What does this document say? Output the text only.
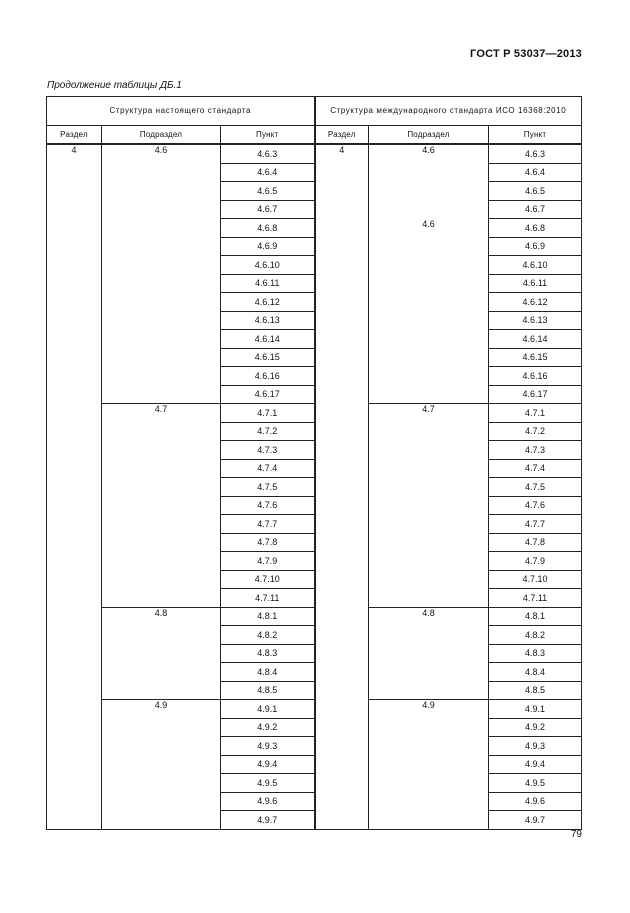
ГОСТ Р 53037—2013
Продолжение таблицы ДБ.1
Структура настоящего стандарта			Структура международного стандарта ИСО 16368:2010		
Раздел	Подраздел	Пункт	Раздел	Подраздел	Пункт
4	4.6	4.6.3	4	4.6	4.6.3
		4.6.4			4.6.4
		4.6.5			4.6.5
		4.6.7			4.6.7
		4.6.8		4.6	4.6.8
		4.6.9			4.6.9
		4.6.10			4.6.10
		4.6.11			4.6.11
		4.6.12			4.6.12
		4.6.13			4.6.13
		4.6.14			4.6.14
		4.6.15			4.6.15
		4.6.16			4.6.16
		4.6.17			4.6.17
	4.7	4.7.1		4.7	4.7.1
		4.7.2			4.7.2
		4.7.3			4.7.3
		4.7.4			4.7.4
		4.7.5			4.7.5
		4.7.6			4.7.6
		4.7.7			4.7.7
		4.7.8			4.7.8
		4.7.9			4.7.9
		4.7.10			4.7.10
		4.7.11			4.7.11
	4.8	4.8.1		4.8	4.8.1
		4.8.2			4.8.2
		4.8.3			4.8.3
		4.8.4			4.8.4
		4.8.5			4.8.5
	4.9	4.9.1		4.9	4.9.1
		4.9.2			4.9.2
		4.9.3			4.9.3
		4.9.4			4.9.4
		4.9.5			4.9.5
		4.9.6			4.9.6
		4.9.7			4.9.7
79
